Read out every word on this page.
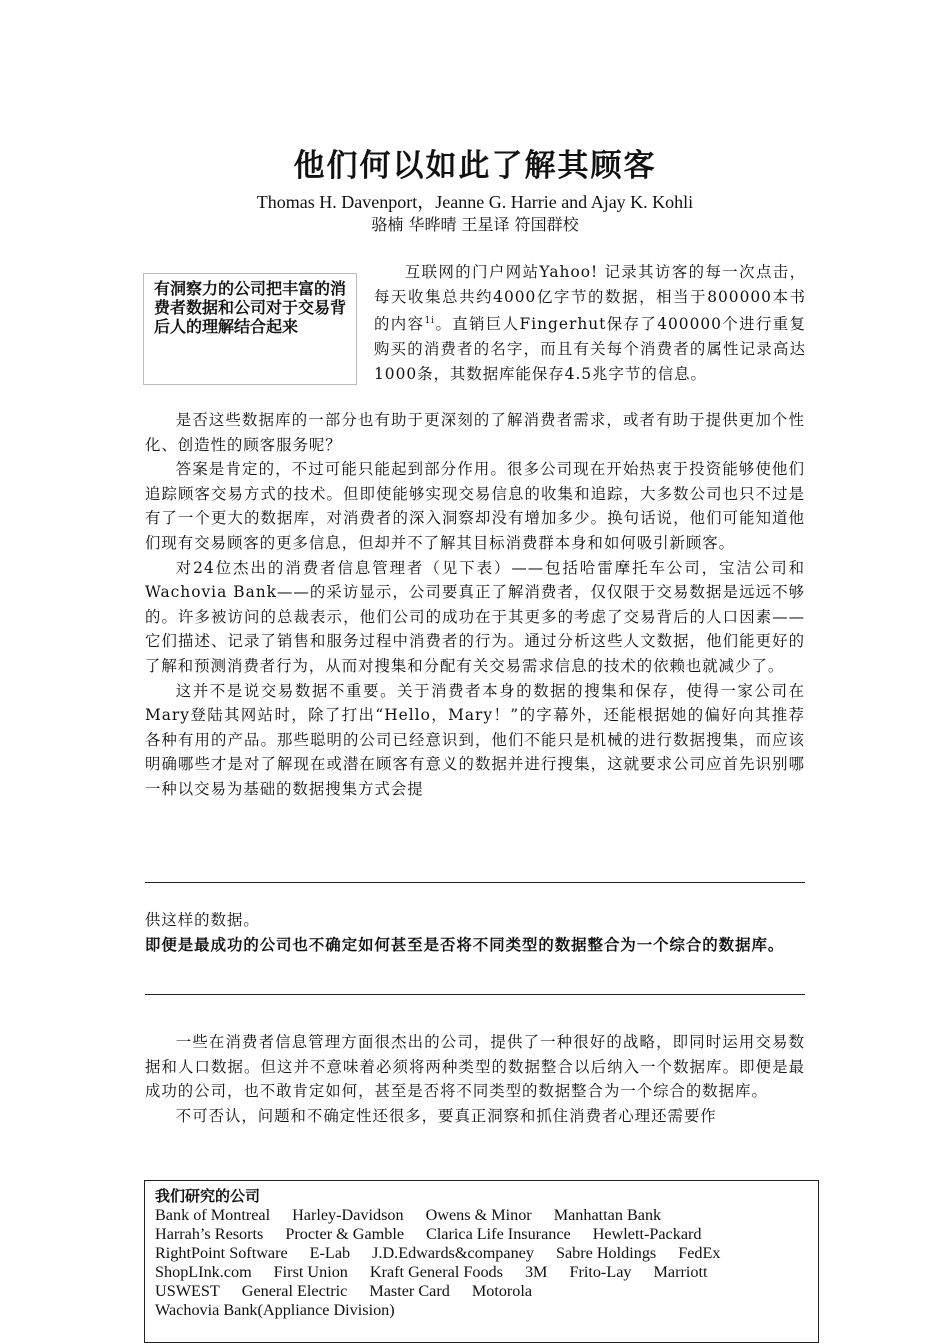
他们何以如此了解其顾客
Thomas H. Davenport，Jeanne G. Harrie and Ajay K. Kohli
骆楠 华晔晴 王星译 符国群校
有洞察力的公司把丰富的消费者数据和公司对于交易背后人的理解结合起来
互联网的门户网站Yahoo! 记录其访客的每一次点击，每天收集总共约4000亿字节的数据，相当于800000本书的内容$^{1i}$。直销巨人Fingerhut保存了400000个进行重复购买的消费者的名字，而且有关每个消费者的属性记录高达1000条，其数据库能保存4.5兆字节的信息。
是否这些数据库的一部分也有助于更深刻的了解消费者需求，或者有助于提供更加个性化、创造性的顾客服务呢？
答案是肯定的，不过可能只能起到部分作用。很多公司现在开始热衷于投资能够使他们追踪顾客交易方式的技术。但即使能够实现交易信息的收集和追踪，大多数公司也只不过是有了一个更大的数据库，对消费者的深入洞察却没有增加多少。换句话说，他们可能知道他们现有交易顾客的更多信息，但却并不了解其目标消费群本身和如何吸引新顾客。
对24位杰出的消费者信息管理者（见下表）——包括哈雷摩托车公司，宝洁公司和Wachovia Bank——的采访显示，公司要真正了解消费者，仅仅限于交易数据是远远不够的。许多被访问的总裁表示，他们公司的成功在于其更多的考虑了交易背后的人口因素——它们描述、记录了销售和服务过程中消费者的行为。通过分析这些人文数据，他们能更好的了解和预测消费者行为，从而对搜集和分配有关交易需求信息的技术的依赖也就减少了。
这并不是说交易数据不重要。关于消费者本身的数据的搜集和保存，使得一家公司在Mary登陆其网站时，除了打出“Hello，Mary！”的字幕外，还能根据她的偏好向其推荐各种有用的产品。那些聪明的公司已经意识到，他们不能只是机械的进行数据搜集，而应该明确哪些才是对了解现在或潜在顾客有意义的数据并进行搜集，这就要求公司应首先识别哪一种以交易为基础的数据搜集方式会提
供这样的数据。
即便是最成功的公司也不确定如何甚至是否将不同类型的数据整合为一个综合的数据库。
一些在消费者信息管理方面很杰出的公司，提供了一种很好的战略，即同时运用交易数据和人口数据。但这并不意味着必须将两种类型的数据整合以后纳入一个数据库。即便是最成功的公司，也不敢肯定如何，甚至是否将不同类型的数据整合为一个综合的数据库。
不可否认，问题和不确定性还很多，要真正洞察和抓住消费者心理还需要作
我们研究的公司
Bank of Montreal Harley-Davidson Owens & Minor Manhattan BankHarrah’s Resorts Procter & Gamble Clarica Life Insurance Hewlett-PackardRightPoint Software E-Lab J.D.Edwards&companey Sabre Holdings FedExShopLInk.com First Union Kraft General Foods 3M Frito-Lay MarriottUSWEST General Electric Master Card MotorolaWachovia Bank(Appliance Division)
